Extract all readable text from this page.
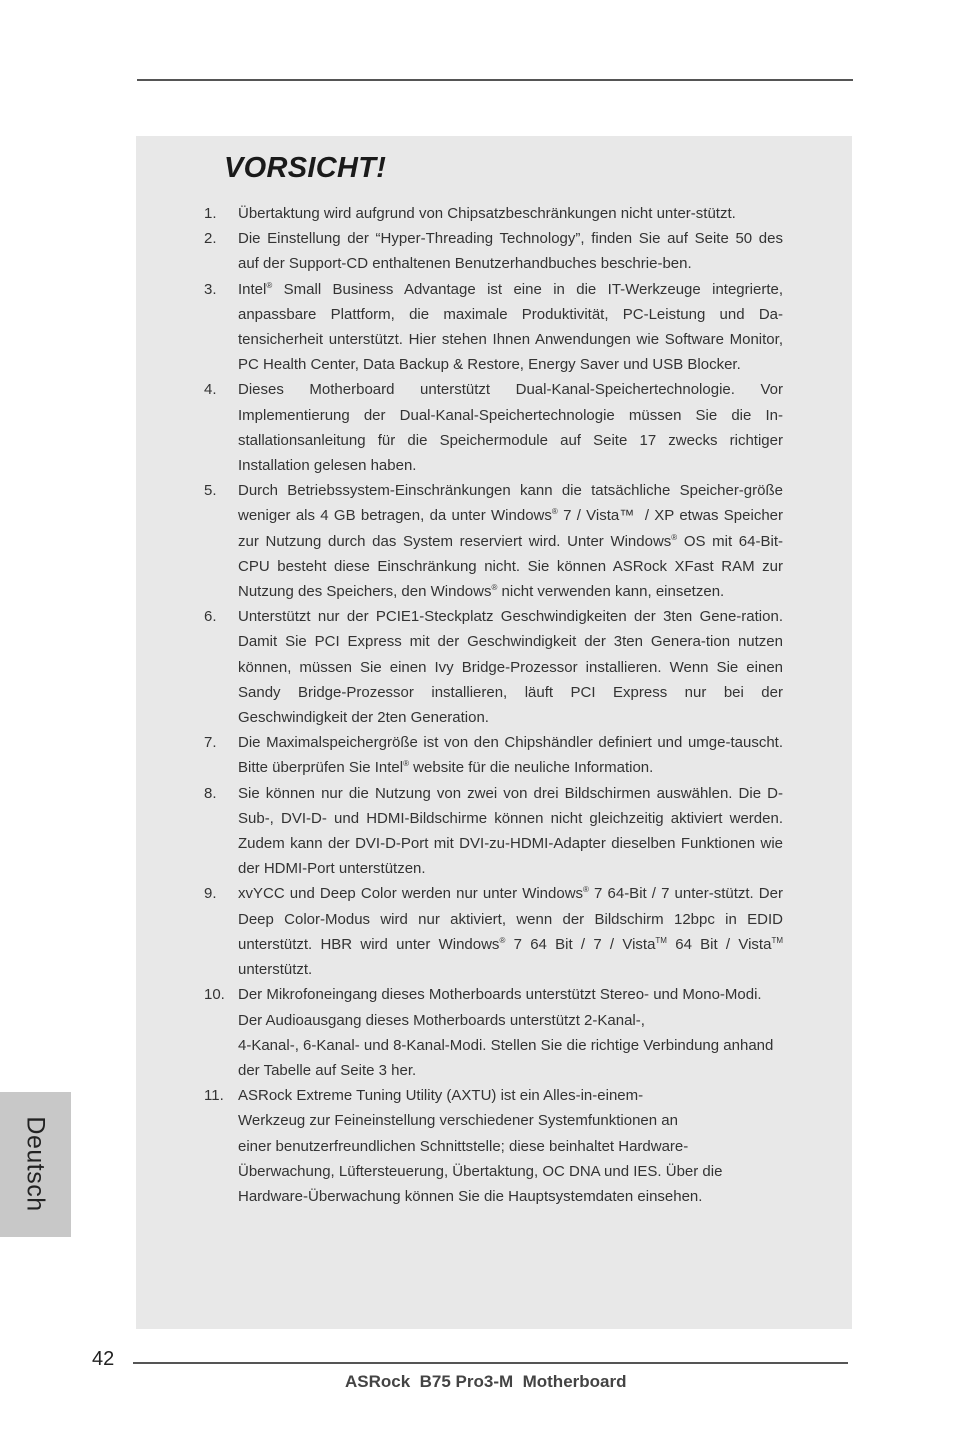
VORSICHT!
1. Übertaktung wird aufgrund von Chipsatzbeschränkungen nicht unter-stützt.
2. Die Einstellung der “Hyper-Threading Technology”, finden Sie auf Seite 50 des auf der Support-CD enthaltenen Benutzerhandbuches beschrie-ben.
3. Intel® Small Business Advantage ist eine in die IT-Werkzeuge integrierte, anpassbare Plattform, die maximale Produktivität, PC-Leistung und Da-tensicherheit unterstützt. Hier stehen Ihnen Anwendungen wie Software Monitor, PC Health Center, Data Backup & Restore, Energy Saver und USB Blocker.
4. Dieses Motherboard unterstützt Dual-Kanal-Speichertechnologie. Vor Implementierung der Dual-Kanal-Speichertechnologie müssen Sie die In-stallationsanleitung für die Speichermodule auf Seite 17 zwecks richtiger Installation gelesen haben.
5. Durch Betriebssystem-Einschränkungen kann die tatsächliche Speicher-größe weniger als 4 GB betragen, da unter Windows® 7 / Vista™  / XP etwas Speicher zur Nutzung durch das System reserviert wird. Unter Windows® OS mit 64-Bit-CPU besteht diese Einschränkung nicht. Sie können ASRock XFast RAM zur Nutzung des Speichers, den Windows® nicht verwenden kann, einsetzen.
6. Unterstützt nur der PCIE1-Steckplatz Geschwindigkeiten der 3ten Gene-ration. Damit Sie PCI Express mit der Geschwindigkeit der 3ten Genera-tion nutzen können, müssen Sie einen Ivy Bridge-Prozessor installieren. Wenn Sie einen Sandy Bridge-Prozessor installieren, läuft PCI Express nur bei der Geschwindigkeit der 2ten Generation.
7. Die Maximalspeichergröße ist von den Chipshändler definiert und umge-tauscht. Bitte überprüfen Sie Intel® website für die neuliche Information.
8. Sie können nur die Nutzung von zwei von drei Bildschirmen auswählen. Die D-Sub-, DVI-D- und HDMI-Bildschirme können nicht gleichzeitig aktiviert werden. Zudem kann der DVI-D-Port mit DVI-zu-HDMI-Adapter dieselben Funktionen wie der HDMI-Port unterstützen.
9. xvYCC und Deep Color werden nur unter Windows® 7 64-Bit / 7 unter-stützt. Der Deep Color-Modus wird nur aktiviert, wenn der Bildschirm 12bpc in EDID unterstützt. HBR wird unter Windows® 7 64 Bit / 7 / Vista™ 64 Bit / Vista™ unterstützt.
10. Der Mikrofoneingang dieses Motherboards unterstützt Stereo- und Mono-Modi. Der Audioausgang dieses Motherboards unterstützt 2-Kanal-,
4-Kanal-, 6-Kanal- und 8-Kanal-Modi. Stellen Sie die richtige Verbindung anhand der Tabelle auf Seite 3 her.
11. ASRock Extreme Tuning Utility (AXTU) ist ein Alles-in-einem-
Werkzeug zur Feineinstellung verschiedener Systemfunktionen an
einer benutzerfreundlichen Schnittstelle; diese beinhaltet Hardware-
Überwachung, Lüftersteuerung, Übertaktung, OC DNA und IES. Über die Hardware-Überwachung können Sie die Hauptsystemdaten einsehen.
Deutsch
42
ASRock  B75 Pro3-M  Motherboard
